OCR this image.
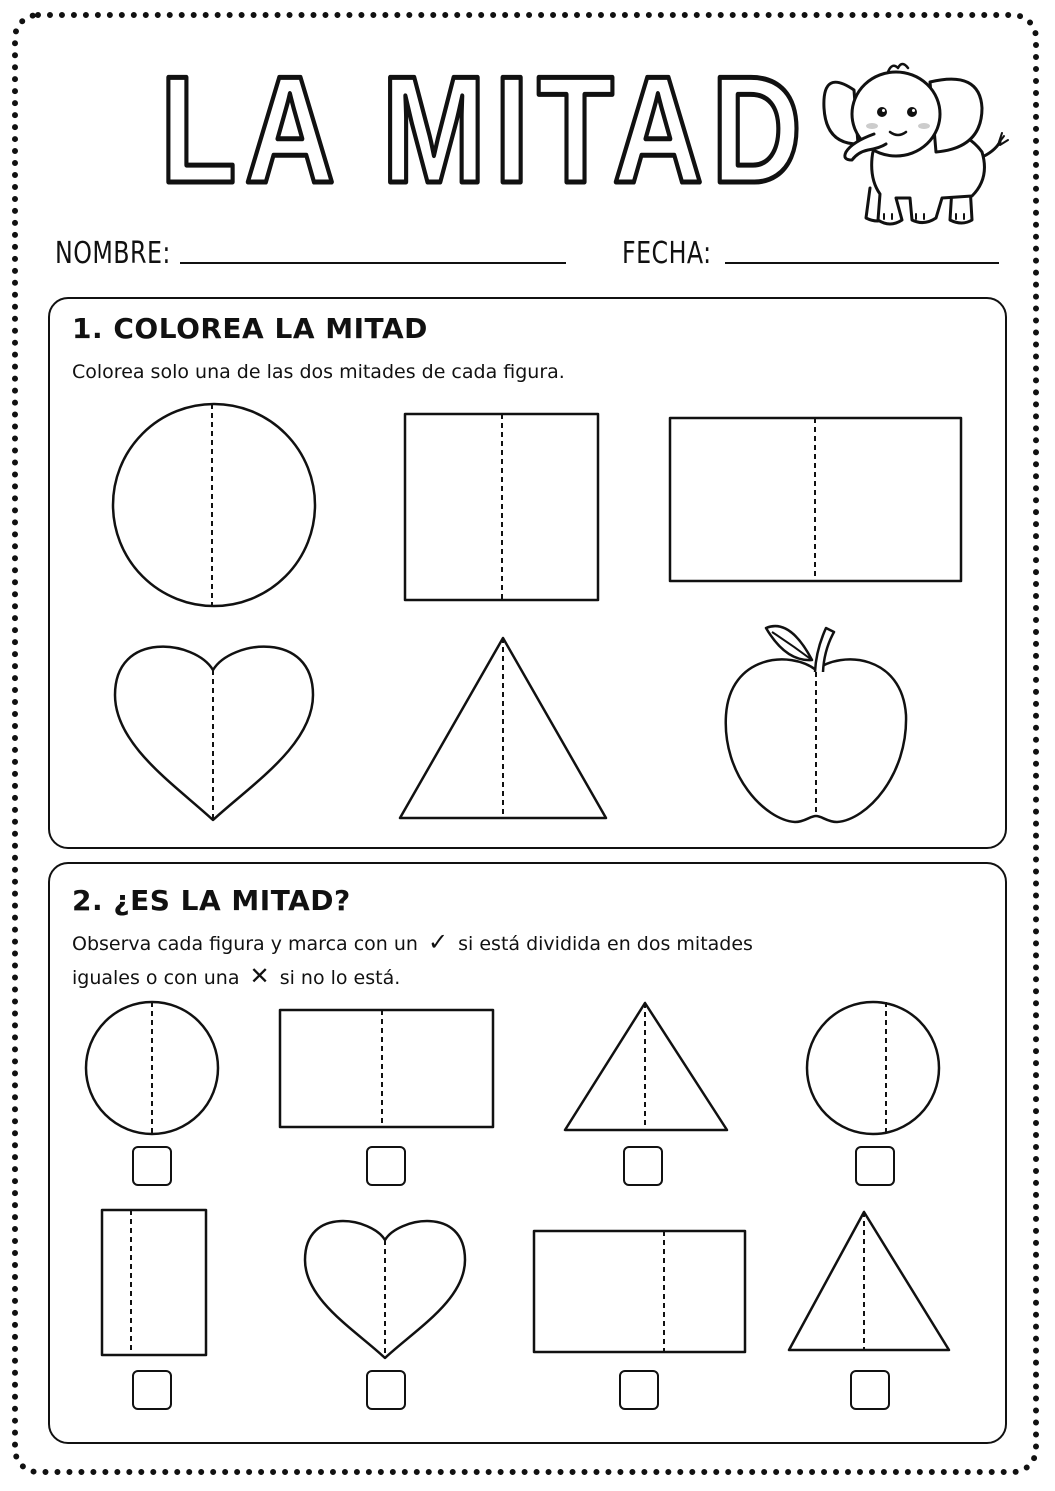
LA MITAD
NOMBRE:	FECHA:
1. COLOREA LA MITAD
Colorea solo una de las dos mitades de cada figura.
2. ¿ES LA MITAD?
Observa cada figura y marca con un ✓ si está dividida en dos mitades
iguales o con una ✕ si no lo está.
